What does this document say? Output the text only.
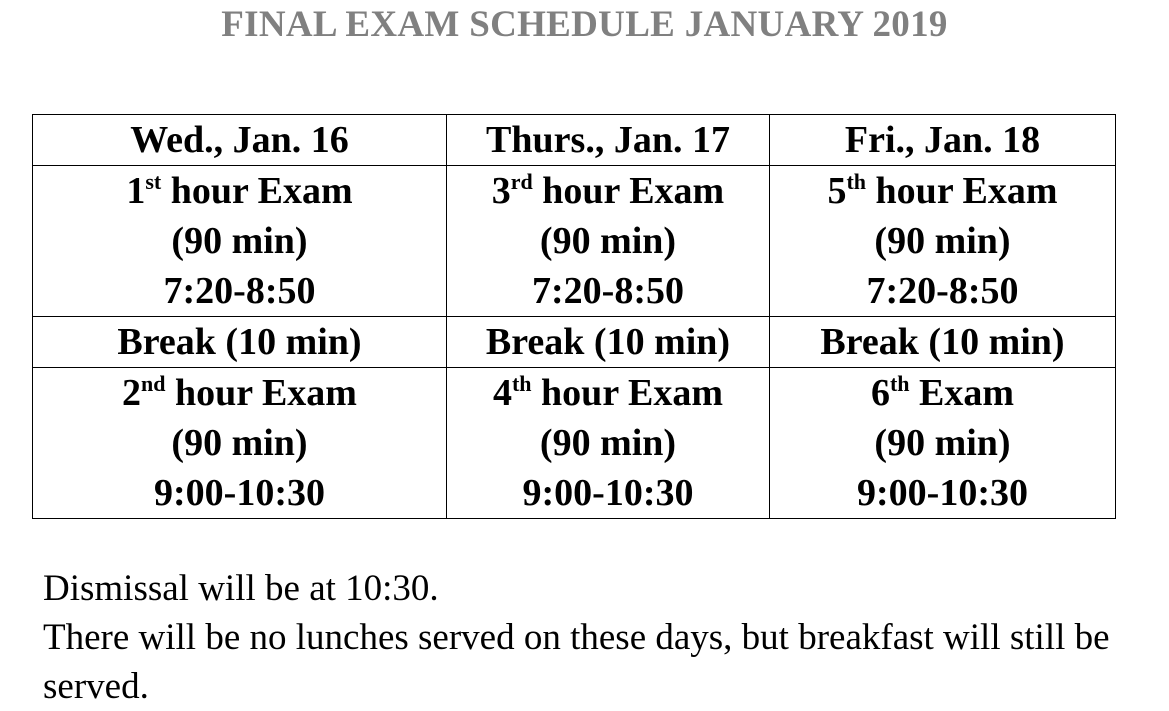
FINAL EXAM SCHEDULE JANUARY 2019
Wed., Jan. 16	Thurs., Jan. 17	Fri., Jan. 18

1st hour Exam
(90 min)
7:20-8:50	3rd hour Exam
(90 min)
7:20-8:50	5th hour Exam
(90 min)
7:20-8:50

Break (10 min)	Break (10 min)	Break (10 min)

2nd hour Exam
(90 min)
9:00-10:30	4th hour Exam
(90 min)
9:00-10:30	6th Exam
(90 min)
9:00-10:30

Dismissal will be at 10:30.

There will be no lunches served on these days, but breakfast will still be served.
